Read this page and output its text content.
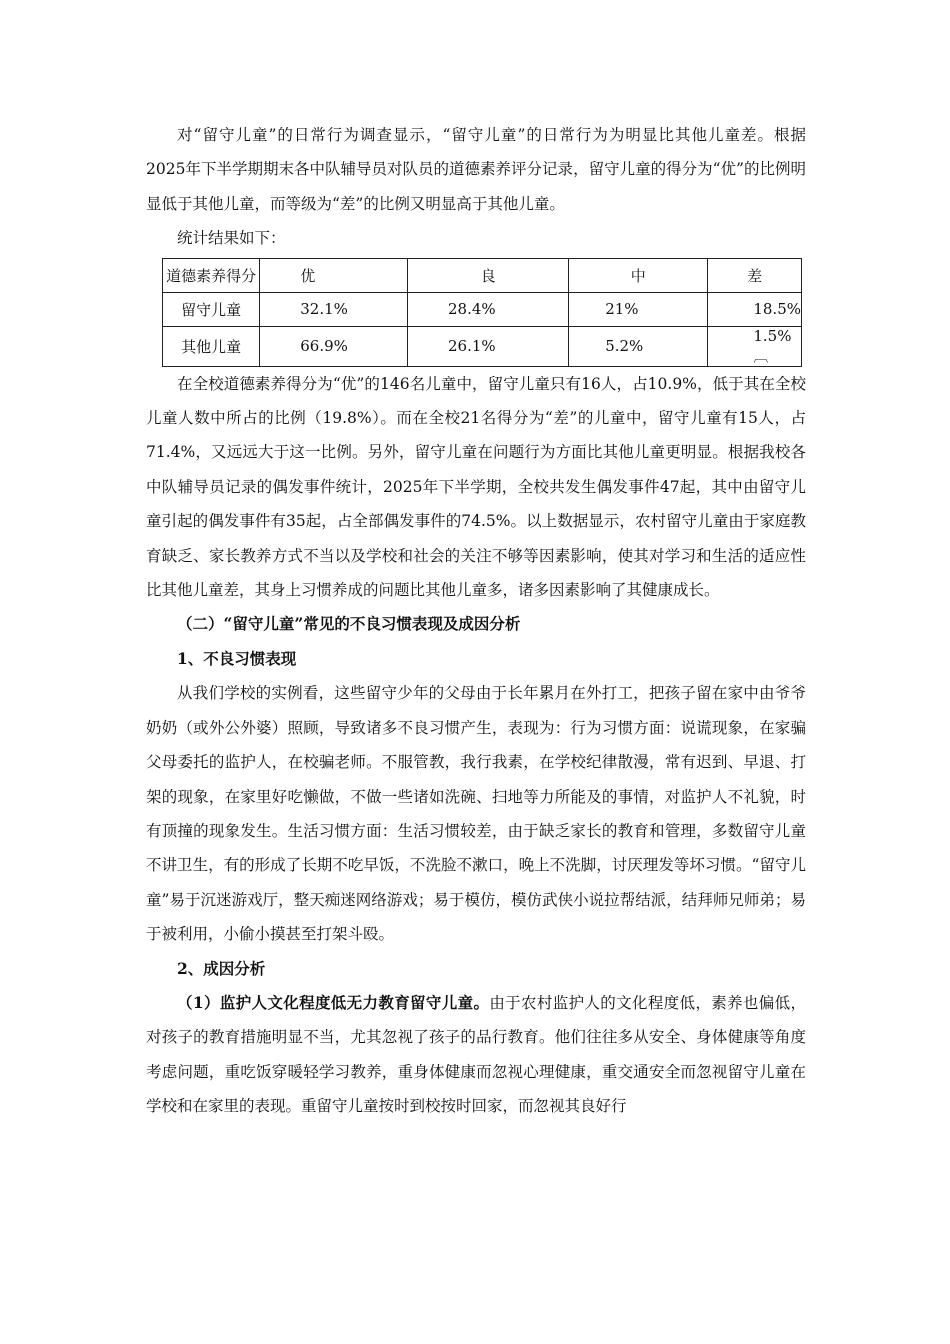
对“留守儿童”的日常行为调查显示，“留守儿童”的日常行为为明显比其他儿童差。根据2025年下半学期期末各中队辅导员对队员的道德素养评分记录，留守儿童的得分为“优”的比例明显低于其他儿童，而等级为“差”的比例又明显高于其他儿童。

统计结果如下：

道德素养得分	优	良	中	差
留守儿童	32.1%	28.4%	21%	18.5%
其他儿童	66.9%	26.1%	5.2%	1.5%︹

在全校道德素养得分为“优”的146名儿童中，留守儿童只有16人，占10.9%，低于其在全校儿童人数中所占的比例（19.8%）。而在全校21名得分为“差”的儿童中，留守儿童有15人，占71.4%，又远远大于这一比例。另外，留守儿童在问题行为方面比其他儿童更明显。根据我校各中队辅导员记录的偶发事件统计，2025年下半学期，全校共发生偶发事件47起，其中由留守儿童引起的偶发事件有35起，占全部偶发事件的74.5%。以上数据显示，农村留守儿童由于家庭教育缺乏、家长教养方式不当以及学校和社会的关注不够等因素影响，使其对学习和生活的适应性比其他儿童差，其身上习惯养成的问题比其他儿童多，诸多因素影响了其健康成长。

（二）“留守儿童”常见的不良习惯表现及成因分析

1、不良习惯表现

从我们学校的实例看，这些留守少年的父母由于长年累月在外打工，把孩子留在家中由爷爷奶奶（或外公外婆）照顾，导致诸多不良习惯产生，表现为：行为习惯方面：说谎现象，在家骗父母委托的监护人，在校骗老师。不服管教，我行我素，在学校纪律散漫，常有迟到、早退、打架的现象，在家里好吃懒做，不做一些诸如洗碗、扫地等力所能及的事情，对监护人不礼貌，时有顶撞的现象发生。生活习惯方面：生活习惯较差，由于缺乏家长的教育和管理，多数留守儿童不讲卫生，有的形成了长期不吃早饭，不洗脸不漱口，晚上不洗脚，讨厌理发等坏习惯。“留守儿童”易于沉迷游戏厅，整天痴迷网络游戏；易于模仿，模仿武侠小说拉帮结派，结拜师兄师弟；易于被利用，小偷小摸甚至打架斗殴。

2、成因分析

（1）监护人文化程度低无力教育留守儿童。由于农村监护人的文化程度低，素养也偏低，对孩子的教育措施明显不当，尤其忽视了孩子的品行教育。他们往往多从安全、身体健康等角度考虑问题，重吃饭穿暖轻学习教养，重身体健康而忽视心理健康，重交通安全而忽视留守儿童在学校和在家里的表现。重留守儿童按时到校按时回家，而忽视其良好行
